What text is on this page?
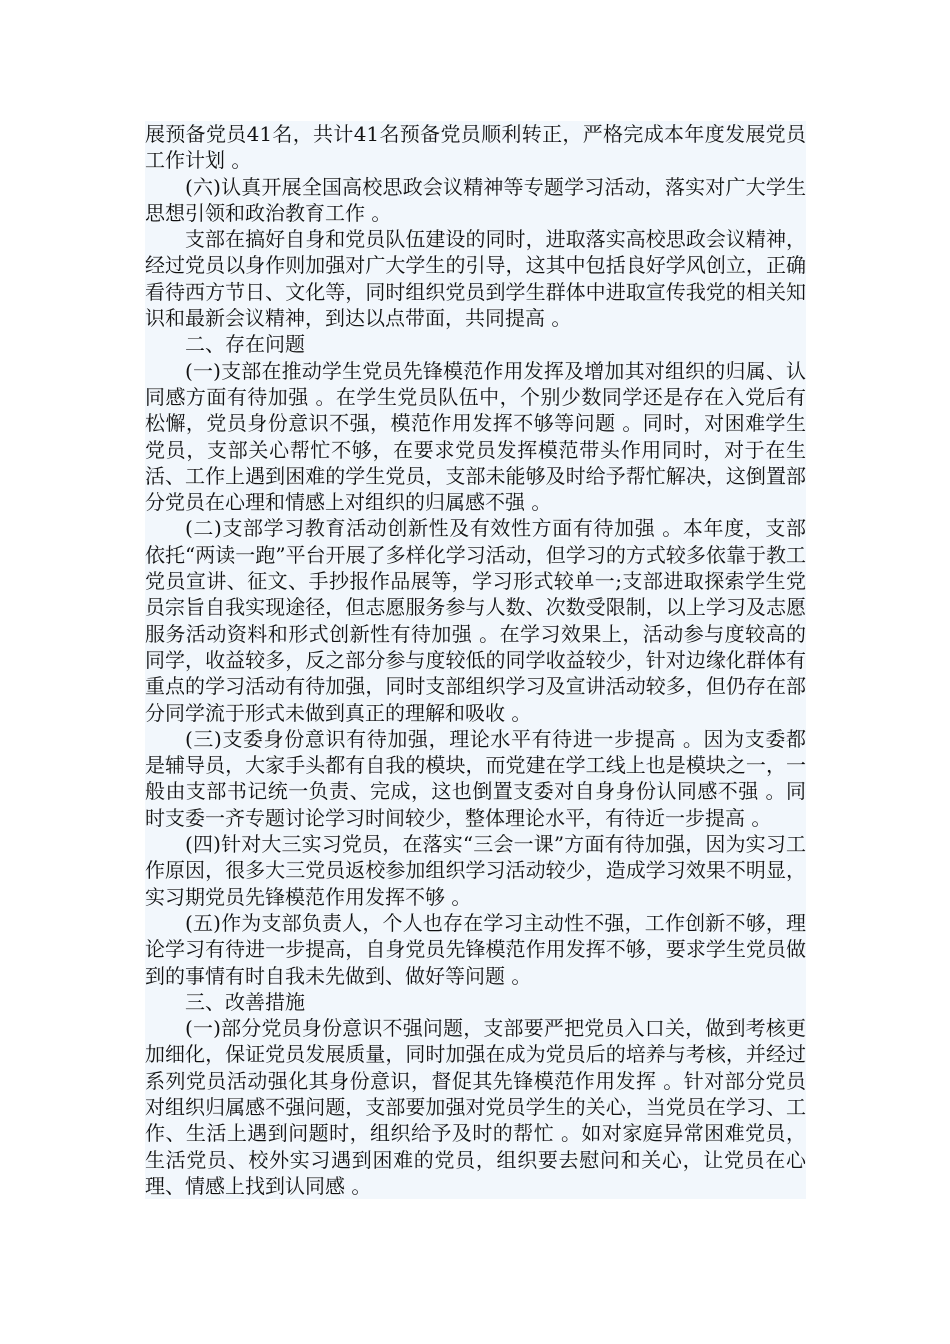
展预备党员41名，共计41名预备党员顺利转正，严格完成本年度发展党员工作计划 。

(六)认真开展全国高校思政会议精神等专题学习活动，落实对广大学生思想引领和政治教育工作 。

支部在搞好自身和党员队伍建设的同时，进取落实高校思政会议精神，经过党员以身作则加强对广大学生的引导，这其中包括良好学风创立，正确看待西方节日、文化等，同时组织党员到学生群体中进取宣传我党的相关知识和最新会议精神，到达以点带面，共同提高 。

二、存在问题

(一)支部在推动学生党员先锋模范作用发挥及增加其对组织的归属、认同感方面有待加强 。在学生党员队伍中，个别少数同学还是存在入党后有松懈，党员身份意识不强，模范作用发挥不够等问题 。同时，对困难学生党员，支部关心帮忙不够，在要求党员发挥模范带头作用同时，对于在生活、工作上遇到困难的学生党员，支部未能够及时给予帮忙解决，这倒置部分党员在心理和情感上对组织的归属感不强 。

(二)支部学习教育活动创新性及有效性方面有待加强 。本年度，支部依托“两读一跑”平台开展了多样化学习活动，但学习的方式较多依靠于教工党员宣讲、征文、手抄报作品展等，学习形式较单一;支部进取探索学生党员宗旨自我实现途径，但志愿服务参与人数、次数受限制，以上学习及志愿服务活动资料和形式创新性有待加强 。在学习效果上，活动参与度较高的同学，收益较多，反之部分参与度较低的同学收益较少，针对边缘化群体有重点的学习活动有待加强，同时支部组织学习及宣讲活动较多，但仍存在部分同学流于形式未做到真正的理解和吸收 。

(三)支委身份意识有待加强，理论水平有待进一步提高 。因为支委都是辅导员，大家手头都有自我的模块，而党建在学工线上也是模块之一，一般由支部书记统一负责、完成，这也倒置支委对自身身份认同感不强 。同时支委一齐专题讨论学习时间较少，整体理论水平，有待近一步提高 。

(四)针对大三实习党员，在落实“三会一课”方面有待加强，因为实习工作原因，很多大三党员返校参加组织学习活动较少，造成学习效果不明显，实习期党员先锋模范作用发挥不够 。

(五)作为支部负责人，个人也存在学习主动性不强，工作创新不够，理论学习有待进一步提高，自身党员先锋模范作用发挥不够，要求学生党员做到的事情有时自我未先做到、做好等问题 。

三、改善措施

(一)部分党员身份意识不强问题，支部要严把党员入口关，做到考核更加细化，保证党员发展质量，同时加强在成为党员后的培养与考核，并经过系列党员活动强化其身份意识，督促其先锋模范作用发挥 。针对部分党员对组织归属感不强问题，支部要加强对党员学生的关心，当党员在学习、工作、生活上遇到问题时，组织给予及时的帮忙 。如对家庭异常困难党员，生活党员、校外实习遇到困难的党员，组织要去慰问和关心，让党员在心理、情感上找到认同感 。
